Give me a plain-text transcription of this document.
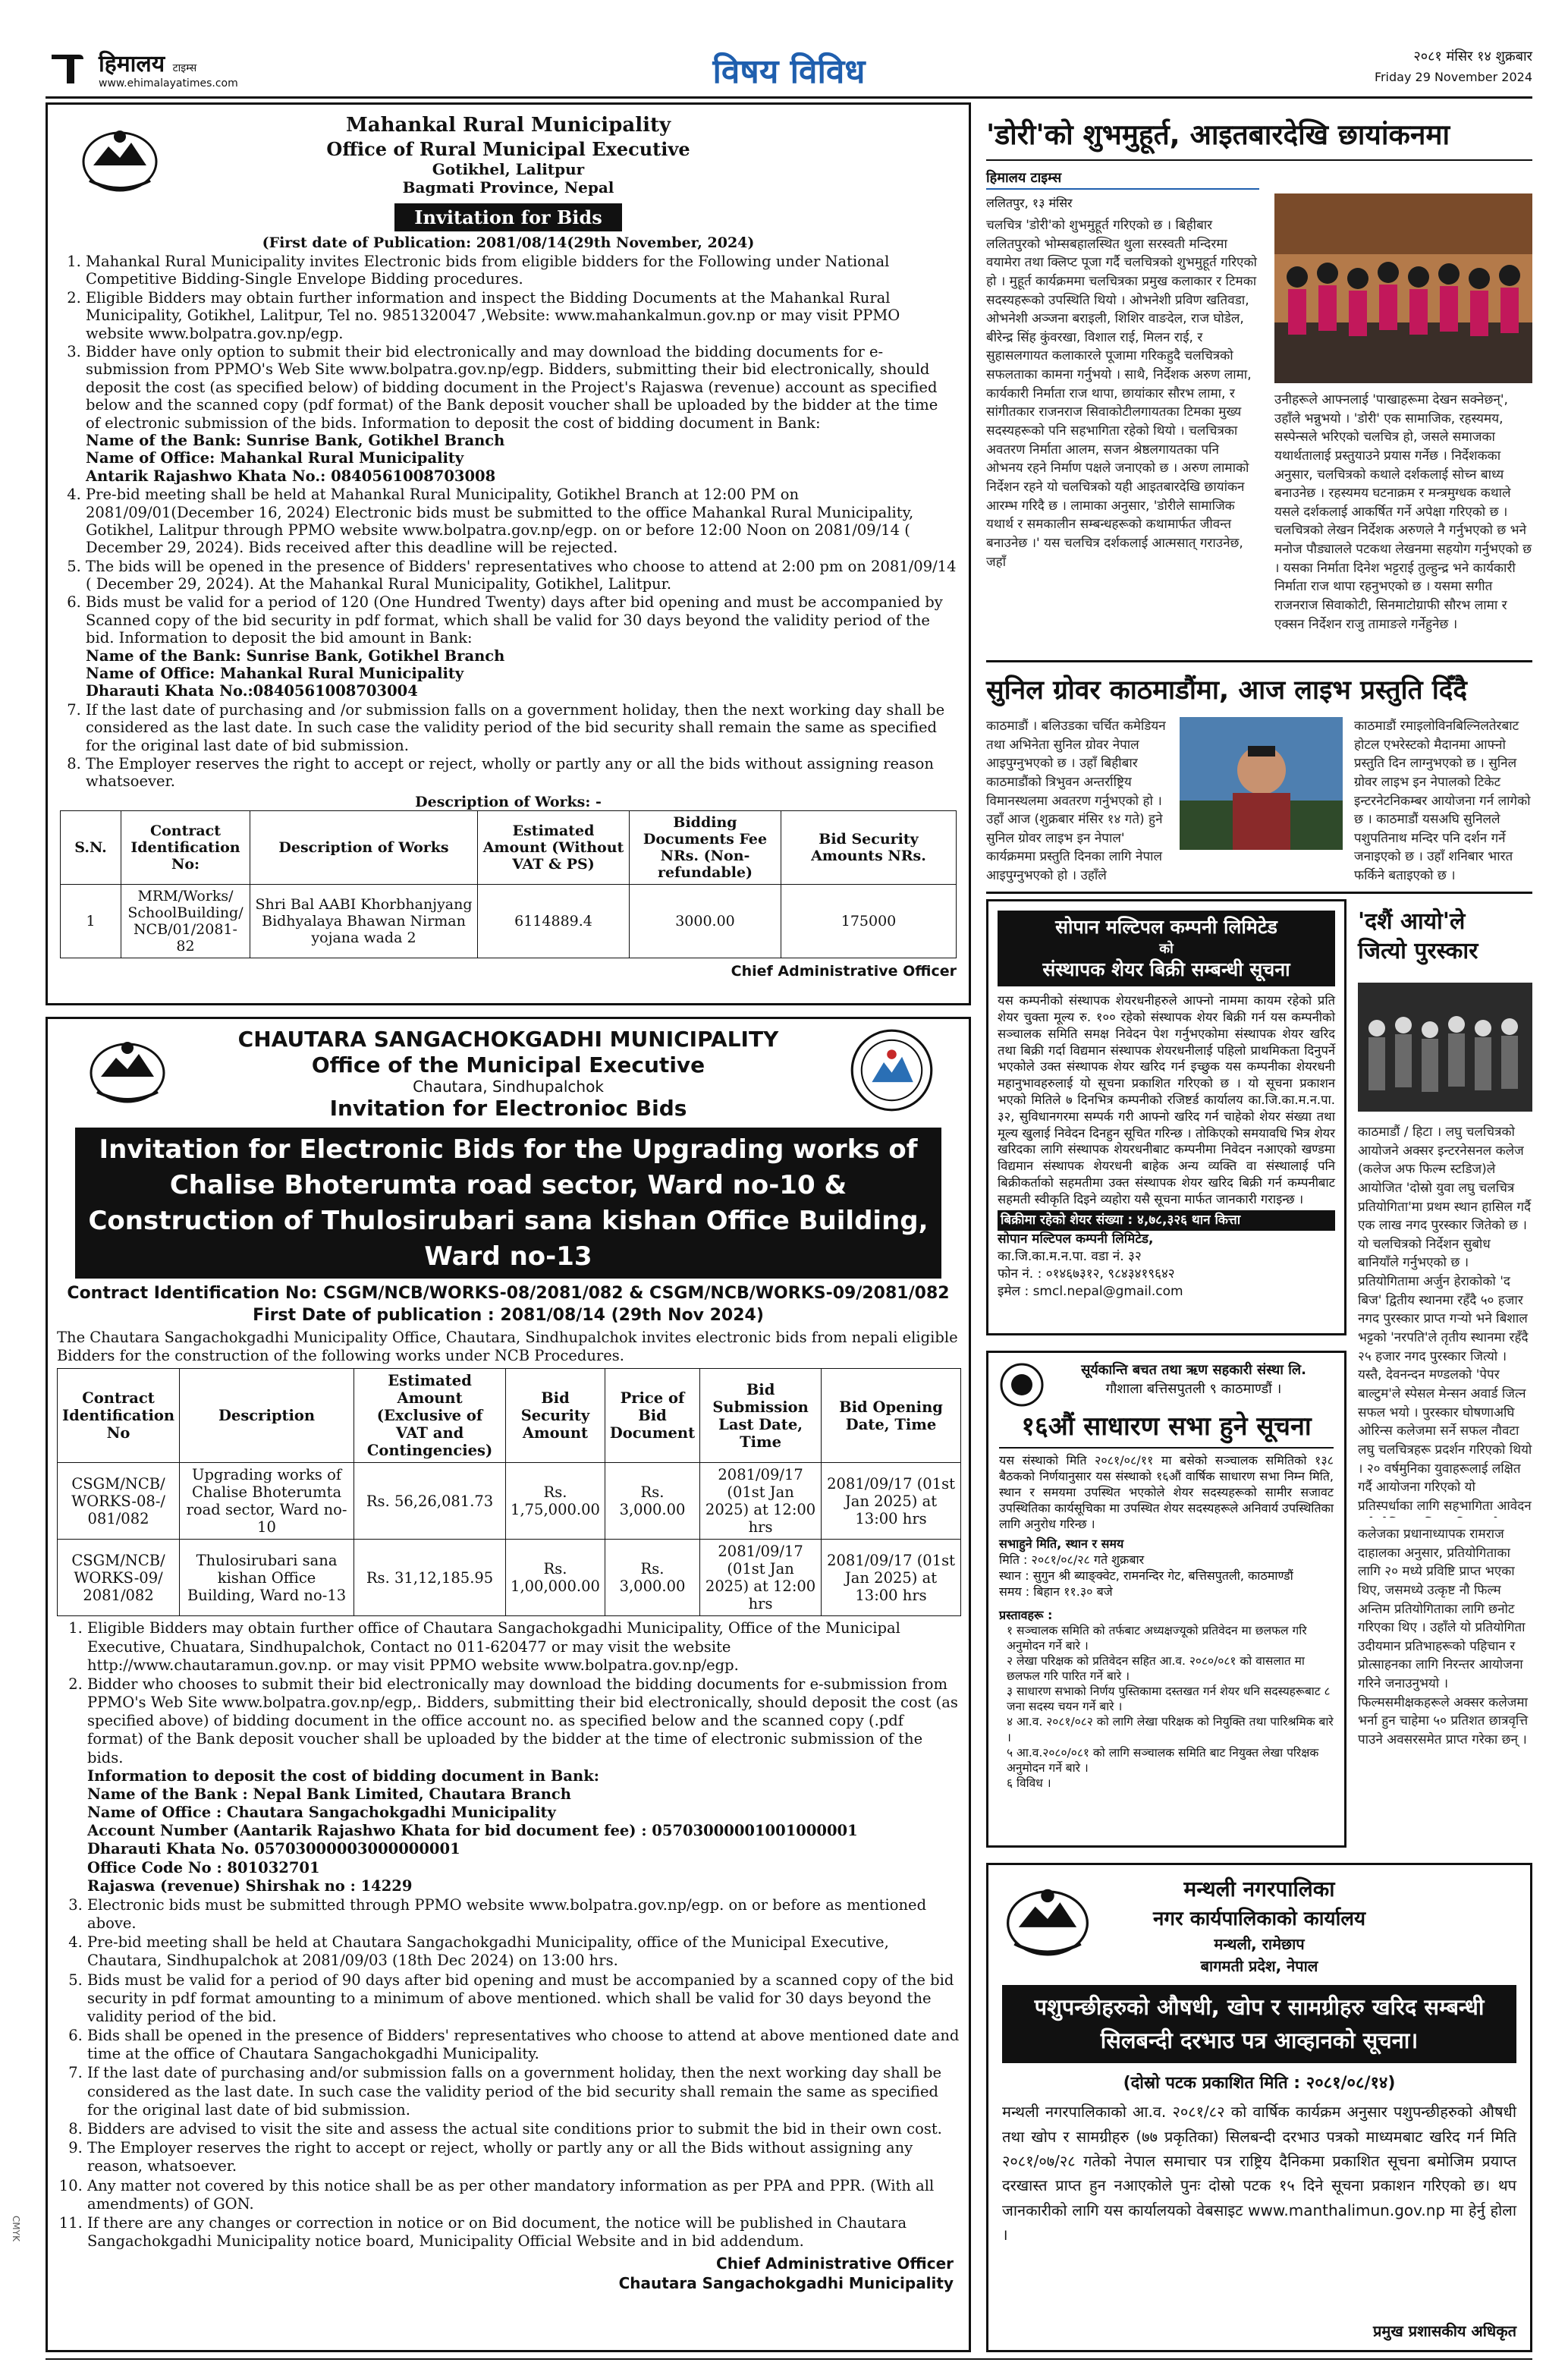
हिमालय टाइम्स
www.ehimalayatimes.com	विषय विविध	२०८१ मंसिर १४ शुक्रबार
Friday 29 November 2024
Mahankal Rural Municipality
Office of Rural Municipal Executive
Gotikhel, Lalitpur
Bagmati Province, Nepal
Invitation for Bids
(First date of Publication: 2081/08/14(29th November, 2024)
1. Mahankal Rural Municipality invites Electronic bids from eligible bidders for the Following under National Competitive Bidding-Single Envelope Bidding procedures.
2. Eligible Bidders may obtain further information and inspect the Bidding Documents at the Mahankal Rural Municipality, Gotikhel, Lalitpur, Tel no. 9851320047 ,Website: www.mahankalmun.gov.np or may visit PPMO website www.bolpatra.gov.np/egp.
3. Bidder have only option to submit their bid electronically and may download the bidding documents for e-submission from PPMO's Web Site www.bolpatra.gov.np/egp. Bidders, submitting their bid electronically, should deposit the cost (as specified below) of bidding document in the Project's Rajaswa (revenue) account as specified below and the scanned copy (pdf format) of the Bank deposit voucher shall be uploaded by the bidder at the time of electronic submission of the bids. Information to deposit the cost of bidding document in Bank:
Name of the Bank: Sunrise Bank, Gotikhel Branch
Name of Office: Mahankal Rural Municipality
Antarik Rajashwo Khata No.: 0840561008703008
4. Pre-bid meeting shall be held at Mahankal Rural Municipality, Gotikhel Branch at 12:00 PM on 2081/09/01(December 16, 2024) Electronic bids must be submitted to the office Mahankal Rural Municipality, Gotikhel, Lalitpur through PPMO website www.bolpatra.gov.np/egp. on or before 12:00 Noon on 2081/09/14 ( December 29, 2024). Bids received after this deadline will be rejected.
5. The bids will be opened in the presence of Bidders' representatives who choose to attend at 2:00 pm on 2081/09/14 ( December 29, 2024). At the Mahankal Rural Municipality, Gotikhel, Lalitpur.
6. Bids must be valid for a period of 120 (One Hundred Twenty) days after bid opening and must be accompanied by Scanned copy of the bid security in pdf format, which shall be valid for 30 days beyond the validity period of the bid. Information to deposit the bid amount in Bank:
Name of the Bank: Sunrise Bank, Gotikhel Branch
Name of Office: Mahankal Rural Municipality
Dharauti Khata No.:0840561008703004
7. If the last date of purchasing and /or submission falls on a government holiday, then the next working day shall be considered as the last date. In such case the validity period of the bid security shall remain the same as specified for the original last date of bid submission.
8. The Employer reserves the right to accept or reject, wholly or partly any or all the bids without assigning reason whatsoever.
Description of Works: -
S.N.	Contract Identification No:	Description of Works	Estimated Amount (Without VAT & PS)	Bidding Documents Fee NRs. (Non-refundable)	Bid Security Amounts NRs.
1	MRM/Works/ SchoolBuilding/ NCB/01/2081-82	Shri Bal AABI Khorbhanjyang Bidhyalaya Bhawan Nirman yojana wada 2	6114889.4	3000.00	175000
Chief Administrative Officer
CHAUTARA SANGACHOKGADHI MUNICIPALITY
Office of the Municipal Executive
Chautara, Sindhupalchok
Invitation for Electronioc Bids
Invitation for Electronic Bids for the Upgrading works of Chalise Bhoterumta road sector, Ward no-10 & Construction of Thulosirubari sana kishan Office Building, Ward no-13
Contract Identification No: CSGM/NCB/WORKS-08/2081/082 & CSGM/NCB/WORKS-09/2081/082
First Date of publication : 2081/08/14 (29th Nov 2024)
The Chautara Sangachokgadhi Municipality Office, Chautara, Sindhupalchok invites electronic bids from nepali eligible Bidders for the construction of the following works under NCB Procedures.
Contract Identification No	Description	Estimated Amount (Exclusive of VAT and Contingencies)	Bid Security Amount	Price of Bid Document	Bid Submission Last Date, Time	Bid Opening Date, Time
CSGM/NCB/ WORKS-08-/ 081/082	Upgrading works of Chalise Bhoterumta road sector, Ward no-10	Rs. 56,26,081.73	Rs. 1,75,000.00	Rs. 3,000.00	2081/09/17 (01st Jan 2025) at 12:00 hrs	2081/09/17 (01st Jan 2025) at 13:00 hrs
CSGM/NCB/ WORKS-09/ 2081/082	Thulosirubari sana kishan Office Building, Ward no-13	Rs. 31,12,185.95	Rs. 1,00,000.00	Rs. 3,000.00	2081/09/17 (01st Jan 2025) at 12:00 hrs	2081/09/17 (01st Jan 2025) at 13:00 hrs
1. Eligible Bidders may obtain further office of Chautara Sangachokgadhi Municipality, Office of the Municipal Executive, Chuatara, Sindhupalchok, Contact no 011-620477 or may visit the website http://www.chautaramun.gov.np. or may visit PPMO website www.bolpatra.gov.np/egp.
2. Bidder who chooses to submit their bid electronically may download the bidding documents for e-submission from PPMO's Web Site www.bolpatra.gov.np/egp,. Bidders, submitting their bid electronically, should deposit the cost (as specified above) of bidding document in the office account no. as specified below and the scanned copy (.pdf format) of the Bank deposit voucher shall be uploaded by the bidder at the time of electronic submission of the bids.
Information to deposit the cost of bidding document in Bank:
Name of the Bank : Nepal Bank Limited, Chautara Branch
Name of Office : Chautara Sangachokgadhi Municipality
Account Number (Aantarik Rajashwo Khata for bid document fee) : 05703000001001000001
Dharauti Khata No. 05703000003000000001
Office Code No : 801032701
Rajaswa (revenue) Shirshak no : 14229
3. Electronic bids must be submitted through PPMO website www.bolpatra.gov.np/egp. on or before as mentioned above.
4. Pre-bid meeting shall be held at Chautara Sangachokgadhi Municipality, office of the Municipal Executive, Chautara, Sindhupalchok at 2081/09/03 (18th Dec 2024) on 13:00 hrs.
5. Bids must be valid for a period of 90 days after bid opening and must be accompanied by a scanned copy of the bid security in pdf format amounting to a minimum of above mentioned. which shall be valid for 30 days beyond the validity period of the bid.
6. Bids shall be opened in the presence of Bidders' representatives who choose to attend at above mentioned date and time at the office of Chautara Sangachokgadhi Municipality.
7. If the last date of purchasing and/or submission falls on a government holiday, then the next working day shall be considered as the last date. In such case the validity period of the bid security shall remain the same as specified for the original last date of bid submission.
8. Bidders are advised to visit the site and assess the actual site conditions prior to submit the bid in their own cost.
9. The Employer reserves the right to accept or reject, wholly or partly any or all the Bids without assigning any reason, whatsoever.
10. Any matter not covered by this notice shall be as per other mandatory information as per PPA and PPR. (With all amendments) of GON.
11. If there are any changes or correction in notice or on Bid document, the notice will be published in Chautara Sangachokgadhi Municipality notice board, Municipality Official Website and in bid addendum.
Chief Administrative Officer
Chautara Sangachokgadhi Municipality
'डोरी'को शुभमुहूर्त, आइतबारदेखि छायांकनमा
हिमालय टाइम्स
ललितपुर, १३ मंसिर
चलचित्र 'डोरी'को शुभमुहूर्त गरिएको छ । बिहीबार ललितपुरको भोम्सबहालस्थित थुला सरस्वती मन्दिरमा वयामेरा तथा क्लिप्ट पूजा गर्दै चलचित्रको शुभमुहूर्त गरिएको हो । मुहूर्त कार्यक्रममा चलचित्रका प्रमुख कलाकार र टिमका सदस्यहरूको उपस्थिति थियो । ओभनेशी प्रविण खतिवडा, ओभनेशी अञ्जना बराइली, शिशिर वाङदेल, राज घोडेल, बीरेन्द्र सिंह कुंवरखा, विशाल राई, मिलन राई, र सुहासलगायत कलाकारले पूजामा गरिकहुदै चलचित्रको सफलताका कामना गर्नुभयो । साथै, निर्देशक अरुण लामा, कार्यकारी निर्माता राज थापा, छायांकार सौरभ लामा, र सांगीतकार राजनराज सिवाकोटीलगायतका टिमका मुख्य सदस्यहरूको पनि सहभागिता रहेको थियो । चलचित्रका अवतरण निर्माता आलम, सजन श्रेष्ठलगायतका पनि ओभनय रहने निर्माण पक्षले जनाएको छ । अरुण लामाको निर्देशन रहने यो चलचित्रको यही आइतबारदेखि छायांकन आरम्भ गरिदै छ । लामाका अनुसार, 'डोरीले सामाजिक यथार्थ र समकालीन सम्बन्धहरूको कथामार्फत जीवन्त बनाउनेछ ।' यस चलचित्र दर्शकलाई आत्मसात् गराउनेछ, जहाँ
उनीहरूले आफ्नलाई 'पाखाहरूमा देखन सक्नेछन्', उहाँले भन्नुभयो । 'डोरी' एक सामाजिक, रहस्यमय, सस्पेन्सले भरिएको चलचित्र हो, जसले समाजका यथार्थतालाई प्रस्तुयाउने प्रयास गर्नेछ । निर्देशकका अनुसार, चलचित्रको कथाले दर्शकलाई सोच्न बाध्य बनाउनेछ । रहस्यमय घटनाक्रम र मन्त्रमुग्धक कथाले यसले दर्शकलाई आकर्षित गर्ने अपेक्षा गरिएको छ । चलचित्रको लेखन निर्देशक अरुणले नै गर्नुभएको छ भने मनोज पौड्यालले पटकथा लेखनमा सहयोग गर्नुभएको छ । यसका निर्माता दिनेश भट्टराई तुल्हुन्द्र भने कार्यकारी निर्माता राज थापा रहनुभएको छ । यसमा सगीत राजनराज सिवाकोटी, सिनमाटोग्राफी सौरभ लामा र एक्सन निर्देशन राजु तामाङले गर्नेहुनेछ ।
सुनिल ग्रोवर काठमाडौंमा, आज लाइभ प्रस्तुति दिँदै
काठमाडौं । बलिउडका चर्चित कमेडियन तथा अभिनेता सुनिल ग्रोवर नेपाल आइपुग्नुभएको छ । उहाँ बिहीबार काठमाडौंको त्रिभुवन अन्तर्राष्ट्रिय विमानस्थलमा अवतरण गर्नुभएको हो । उहाँ आज (शुक्रबार मंसिर १४ गते) हुने सुनिल ग्रोवर लाइभ इन नेपाल' कार्यक्रममा प्रस्तुति दिनका लागि नेपाल आइपुग्नुभएको हो । उहाँले
काठमाडौं रमाइलोविनबिल्निलतेरबाट होटल एभरेस्टको मैदानमा आफ्नो प्रस्तुति दिन लाग्नुभएको छ । सुनिल ग्रोवर लाइभ इन नेपालको टिकेट इन्टरनेटनिकम्बर आयोजना गर्न लागेको छ । काठमाडौं यसअघि सुनिलले पशुपतिनाथ मन्दिर पनि दर्शन गर्ने जनाइएको छ । उहाँ शनिबार भारत फर्किने बताइएको छ ।
सोपान मल्टिपल कम्पनी लिमिटेड
को
संस्थापक शेयर बिक्री सम्बन्धी सूचना
यस कम्पनीको संस्थापक शेयरधनीहरुले आफ्नो नाममा कायम रहेको प्रति शेयर चुक्ता मूल्य रु. १०० रहेको संस्थापक शेयर बिक्री गर्न यस कम्पनीको सञ्चालक समिति समक्ष निवेदन पेश गर्नुभएकोमा संस्थापक शेयर खरिद तथा बिक्री गर्दा विद्यमान संस्थापक शेयरधनीलाई पहिलो प्राथमिकता दिनुपर्ने भएकोले उक्त संस्थापक शेयर खरिद गर्न इच्छुक यस कम्पनीका शेयरधनी महानुभावहरुलाई यो सूचना प्रकाशित गरिएको छ । यो सूचना प्रकाशन भएको मितिले ७ दिनभित्र कम्पनीको रजिष्टर्ड कार्यालय का.जि.का.म.न.पा. ३२, सुविधानगरमा सम्पर्क गरी आफ्नो खरिद गर्न चाहेको शेयर संख्या तथा मूल्य खुलाई निवेदन दिनहुन सूचित गरिन्छ । तोकिएको समयावधि भित्र शेयर खरिदका लागि संस्थापक शेयरधनीबाट कम्पनीमा निवेदन नआएको खण्डमा विद्यमान संस्थापक शेयरधनी बाहेक अन्य व्यक्ति वा संस्थालाई पनि बिक्रीकर्ताको सहमतीमा उक्त संस्थापक शेयर खरिद बिक्री गर्न कम्पनीबाट सहमती स्वीकृति दिइने व्यहोरा यसै सूचना मार्फत जानकारी गराइन्छ ।
बिक्रीमा रहेको शेयर संख्या : ४,७८,३२६ थान कित्ता
सोपान मल्टिपल कम्पनी लिमिटेड,
का.जि.का.म.न.पा. वडा नं. ३२
फोन नं. : ०१४६७३१२, ९८४३४१९६४२
इमेल : smcl.nepal@gmail.com
'दशैं आयो'ले
जित्यो पुरस्कार
काठमाडौं / हिटा । लघु चलचित्रको आयोजने अक्सर इन्टरनेसनल कलेज (कलेज अफ फिल्म स्टडिज)ले आयोजित 'दोस्रो युवा लघु चलचित्र प्रतियोगिता'मा प्रथम स्थान हासिल गर्दै एक लाख नगद पुरस्कार जितेको छ । यो चलचित्रको निर्देशन सुबोध बानियाँले गर्नुभएको छ । प्रतियोगितामा अर्जुन हेराकोको 'द बिज' द्वितीय स्थानमा रहँदै ५० हजार नगद पुरस्कार प्राप्त गऱ्यो भने बिशाल भट्टको 'नरपति'ले तृतीय स्थानमा रहँदै २५ हजार नगद पुरस्कार जित्यो । यस्तै, देवनन्दन मण्डलको 'पेपर बाल्टुम'ले स्पेसल मेन्सन अवार्ड जित्न सफल भयो । पुरस्कार घोषणाअघि ओरिन्स कलेजमा सर्ने सफल नौवटा लघु चलचित्रहरू प्रदर्शन गरिएको थियो । २० वर्षमुनिका युवाहरूलाई लक्षित गर्दै आयोजना गरिएको यो प्रतिस्पर्धाका लागि सहभागिता आवेदन
कलेजका प्रधानाध्यापक रामराज दाहालका अनुसार, प्रतियोगिताका लागि २० मध्ये प्रविष्टि प्राप्त भएका थिए, जसमध्ये उत्कृष्ट नौ फिल्म अन्तिम प्रतियोगिताका लागि छनोट गरिएका थिए । उहाँले यो प्रतियोगिता उदीयमान प्रतिभाहरूको पहिचान र प्रोत्साहनका लागि निरन्तर आयोजना गरिने जनाउनुभयो । फिल्मसमीक्षकहरूले अक्सर कलेजमा भर्ना हुन चाहेमा ५० प्रतिशत छात्रवृत्ति पाउने अवसरसमेत प्राप्त गरेका छन् ।
सूर्यकान्ति बचत तथा ऋण सहकारी संस्था लि.
गौशाला बत्तिसपुतली ९ काठमाण्डौं ।
१६औं साधारण सभा हुने सूचना
यस संस्थाको मिति २०८१/०८/११ मा बसेको सञ्चालक समितिको १३८ बैठकको निर्णयानुसार यस संस्थाको १६औं वार्षिक साधारण सभा निम्न मिति, स्थान र समयमा उपस्थित भएकोले शेयर सदस्यहरूको सामीर सजावट उपस्थितिका कार्यसूचिका मा उपस्थित शेयर सदस्यहरूले अनिवार्य उपस्थितिका लागि अनुरोध गरिन्छ ।
सभाहुने मिति, स्थान र समय
मिति : २०८१/०८/२८ गते शुक्रबार
स्थान : सुगुन श्री ब्याङ्क्वेट, रामनन्दिर गेट, बत्तिसपुतली, काठमाण्डौं
समय : बिहान ११.३० बजे
प्रस्तावहरू :
१ सञ्चालक समिति को तर्फबाट अध्यक्षज्यूको प्रतिवेदन मा छलफल गरि अनुमोदन गर्ने बारे ।
२ लेखा परिक्षक को प्रतिवेदन सहित आ.व. २०८०/०८१ को वासलात मा छलफल गरि पारित गर्ने बारे ।
३ साधारण सभाको निर्णय पुस्तिकामा दस्तखत गर्न शेयर धनि सदस्यहरूबाट ८ जना सदस्य चयन गर्ने बारे ।
४ आ.व. २०८१/०८२ को लागि लेखा परिक्षक को नियुक्ति तथा पारिश्रमिक बारे ।
५ आ.व.२०८०/०८१ को लागि सञ्चालक समिति बाट नियुक्त लेखा परिक्षक अनुमोदन गर्ने बारे ।
६ विविध ।
मन्थली नगरपालिका
नगर कार्यपालिकाको कार्यालय
मन्थली, रामेछाप
बागमती प्रदेश, नेपाल
पशुपन्छीहरुको औषधी, खोप र सामग्रीहरु खरिद सम्बन्धी सिलबन्दी दरभाउ पत्र आव्हानको सूचना।
(दोस्रो पटक प्रकाशित मिति : २०८१/०८/१४)
मन्थली नगरपालिकाको आ.व. २०८१/८२ को वार्षिक कार्यक्रम अनुसार पशुपन्छीहरुको औषधी तथा खोप र सामग्रीहरु (७७ प्रकृतिका) सिलबन्दी दरभाउ पत्रको माध्यमबाट खरिद गर्न मिति २०८१/०७/२८ गतेको नेपाल समाचार पत्र राष्ट्रिय दैनिकमा प्रकाशित सूचना बमोजिम प्रयाप्त दरखास्त प्राप्त हुन नआएकोले पुनः दोस्रो पटक १५ दिने सूचना प्रकाशन गरिएको छ। थप जानकारीको लागि यस कार्यालयको वेबसाइट www.manthalimun.gov.np मा हेर्नु होला ।
प्रमुख प्रशासकीय अधिकृत
CMYK
